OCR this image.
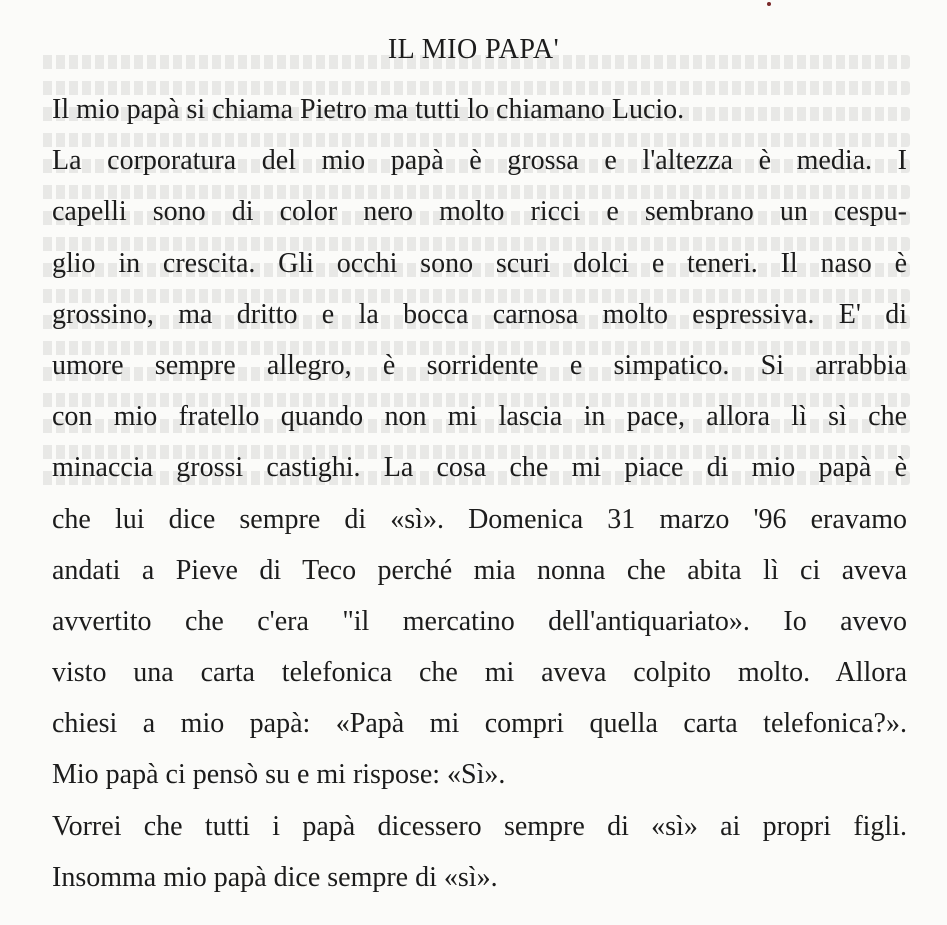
IL MIO PAPA'
Il mio papà si chiama Pietro ma tutti lo chiamano Lucio.
La corporatura del mio papà è grossa e l'altezza è media. I
capelli sono di color nero molto ricci e sembrano un cespu-
glio in crescita. Gli occhi sono scuri dolci e teneri. Il naso è
grossino, ma dritto e la bocca carnosa molto espressiva. E' di
umore sempre allegro, è sorridente e simpatico. Si arrabbia
con mio fratello quando non mi lascia in pace, allora lì sì che
minaccia grossi castighi. La cosa che mi piace di mio papà è
che lui dice sempre di «sì». Domenica 31 marzo '96 eravamo
andati a Pieve di Teco perché mia nonna che abita lì ci aveva
avvertito che c'era "il mercatino dell'antiquariato». Io avevo
visto una carta telefonica che mi aveva colpito molto. Allora
chiesi a mio papà: «Papà mi compri quella carta telefonica?».
Mio papà ci pensò su e mi rispose: «Sì».
Vorrei che tutti i papà dicessero sempre di «sì» ai propri figli.
Insomma mio papà dice sempre di «sì».
